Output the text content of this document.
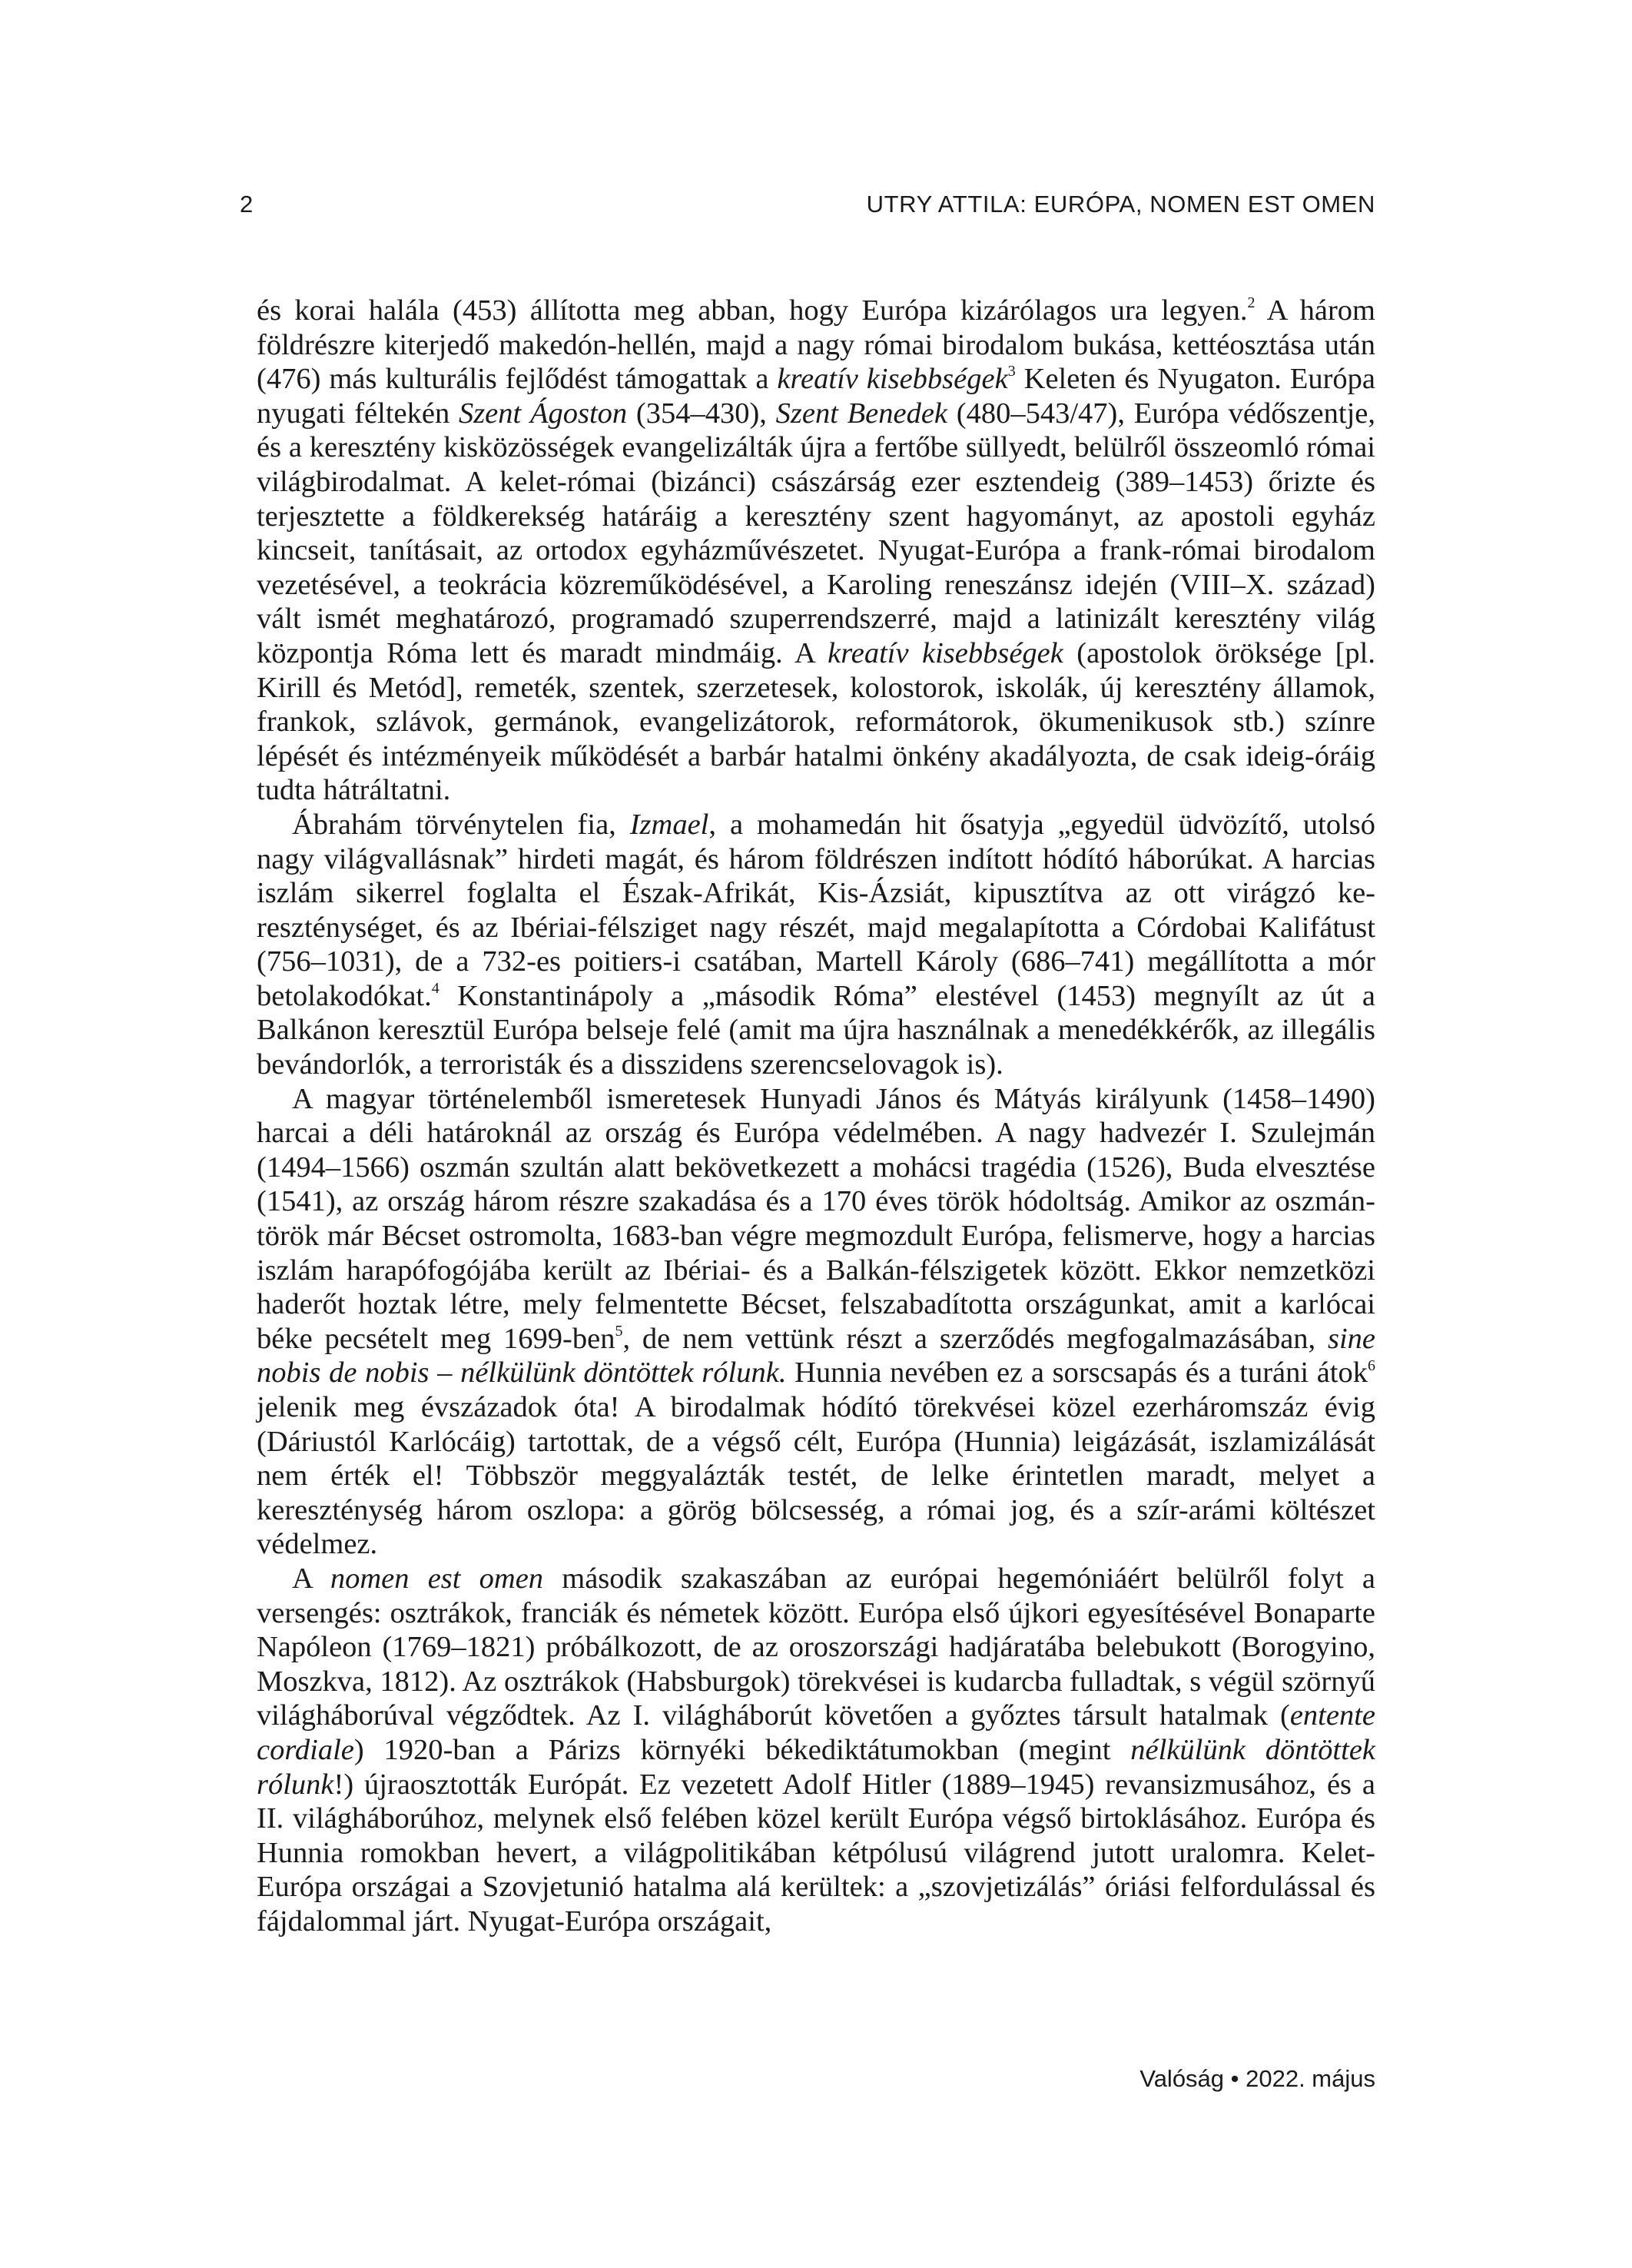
2	UTRY ATTILA: EURÓPA, NOMEN EST OMEN

és korai halála (453) állította meg abban, hogy Európa kizárólagos ura legyen.$^2$ A három földrészre kiterjedő makedón-hellén, majd a nagy római birodalom bukása, kettéosztása után (476) más kulturális fejlődést támogattak a kreatív kisebbségek$^3$ Keleten és Nyugaton. Európa nyugati féltekén Szent Ágoston (354–430), Szent Benedek (480–543/47), Európa védőszentje, és a keresztény kisközösségek evangelizálták újra a fertőbe süllyedt, belülről összeomló római világbirodalmat. A kelet-római (bizánci) császárság ezer esztendeig (389–1453) őrizte és terjesztette a földkerekség határáig a keresztény szent hagyományt, az apostoli egyház kincseit, tanításait, az ortodox egyházművészetet. Nyugat-Európa a frank-római birodalom vezetésével, a teokrácia közreműködésével, a Karoling reneszánsz idején (VIII–X. század) vált ismét meghatározó, programadó szuperrendszerré, majd a latinizált keresztény világ központja Róma lett és maradt mindmáig. A kreatív kisebbségek (apostolok öröksége [pl. Kirill és Metód], remeték, szentek, szerzetesek, kolostorok, iskolák, új keresztény államok, frankok, szlávok, germánok, evangelizátorok, reformátorok, ökumenikusok stb.) színre lépését és intézményeik működését a barbár hatalmi önkény akadályozta, de csak ideig-óráig tudta hátráltatni.

Ábrahám törvénytelen fia, Izmael, a mohamedán hit ősatyja „egyedül üdvözítő, utolsó nagy világvallásnak” hirdeti magát, és három földrészen indított hódító háborúkat. A harcias iszlám sikerrel foglalta el Észak-Afrikát, Kis-Ázsiát, kipusztítva az ott virágzó kereszténységet, és az Ibériai-félsziget nagy részét, majd megalapította a Córdobai Kalifátust (756–1031), de a 732-es poitiers-i csatában, Martell Károly (686–741) megállította a mór betolakodókat.$^4$ Konstantinápoly a „második Róma” elestével (1453) megnyílt az út a Balkánon keresztül Európa belseje felé (amit ma újra használnak a menedékkérők, az illegális bevándorlók, a terroristák és a disszidens szerencselovagok is).

A magyar történelemből ismeretesek Hunyadi János és Mátyás királyunk (1458–1490) harcai a déli határoknál az ország és Európa védelmében. A nagy hadvezér I. Szulejmán (1494–1566) oszmán szultán alatt bekövetkezett a mohácsi tragédia (1526), Buda elvesztése (1541), az ország három részre szakadása és a 170 éves török hódoltság. Amikor az oszmán- török már Bécset ostromolta, 1683-ban végre megmozdult Európa, felismerve, hogy a harcias iszlám harapófogójába került az Ibériai- és a Balkán-félszigetek között. Ekkor nemzetközi haderőt hoztak létre, mely felmentette Bécset, felszabadította országunkat, amit a karlócai béke pecsételt meg 1699-ben$^5$, de nem vettünk részt a szerződés megfogalmazásában, sine nobis de nobis – nélkülünk döntöttek rólunk. Hunnia nevében ez a sorscsapás és a turáni átok$^6$ jelenik meg évszázadok óta! A birodalmak hódító törekvései közel ezerháromszáz évig (Dáriustól Karlócáig) tartottak, de a végső célt, Európa (Hunnia) leigázását, iszlamizálását nem érték el! Többször meggyalázták testét, de lelke érintetlen maradt, melyet a kereszténység három oszlopa: a görög bölcsesség, a római jog, és a szír-arámi költészet védelmez.

A nomen est omen második szakaszában az európai hegemóniáért belülről folyt a versengés: osztrákok, franciák és németek között. Európa első újkori egyesítésével Bonaparte Napóleon (1769–1821) próbálkozott, de az oroszországi hadjáratába belebukott (Borogyino, Moszkva, 1812). Az osztrákok (Habsburgok) törekvései is kudarcba fulladtak, s végül szörnyű világháborúval végződtek. Az I. világháborút követően a győztes társult hatalmak (entente cordiale) 1920-ban a Párizs környéki békediktátumokban (megint nélkülünk döntöttek rólunk!) újraosztották Európát. Ez vezetett Adolf Hitler (1889–1945) revansizmusához, és a II. világháborúhoz, melynek első felében közel került Európa végső birtoklásához. Európa és Hunnia romokban hevert, a világpolitikában kétpólusú világrend jutott uralomra. Kelet-Európa országai a Szovjetunió hatalma alá kerültek: a „szovjetizálás” óriási felfordulással és fájdalommal járt. Nyugat-Európa országait,

Valóság • 2022. május
